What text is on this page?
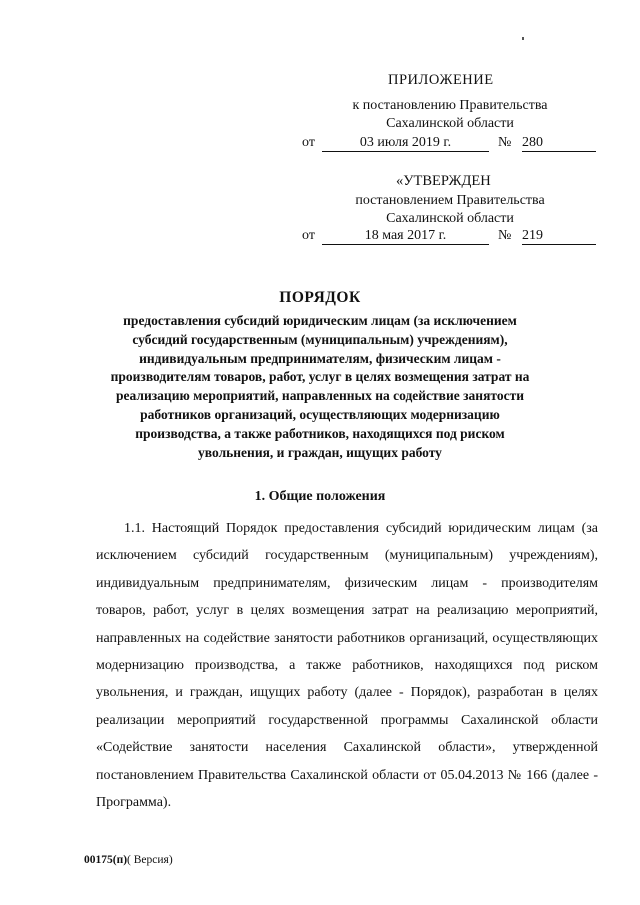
ПРИЛОЖЕНИЕ
к постановлению Правительства
Сахалинской области
от	03 июля 2019 г.	№ 280
«УТВЕРЖДЕН
постановлением Правительства
Сахалинской области
от	18 мая 2017 г.	№ 219
ПОРЯДОК
предоставления субсидий юридическим лицам (за исключением субсидий государственным (муниципальным) учреждениям), индивидуальным предпринимателям, физическим лицам - производителям товаров, работ, услуг в целях возмещения затрат на реализацию мероприятий, направленных на содействие занятости работников организаций, осуществляющих модернизацию производства, а также работников, находящихся под риском увольнения, и граждан, ищущих работу
1. Общие положения
1.1. Настоящий Порядок предоставления субсидий юридическим лицам (за исключением субсидий государственным (муниципальным) учреждениям), индивидуальным предпринимателям, физическим лицам - производителям товаров, работ, услуг в целях возмещения затрат на реализацию мероприятий, направленных на содействие занятости работников организаций, осуществляющих модернизацию производства, а также работников, находящихся под риском увольнения, и граждан, ищущих работу (далее - Порядок), разработан в целях реализации мероприятий государственной программы Сахалинской области «Содействие занятости населения Сахалинской области», утвержденной постановлением Правительства Сахалинской области от 05.04.2013 № 166 (далее - Программа).
00175(п)( Версия)
